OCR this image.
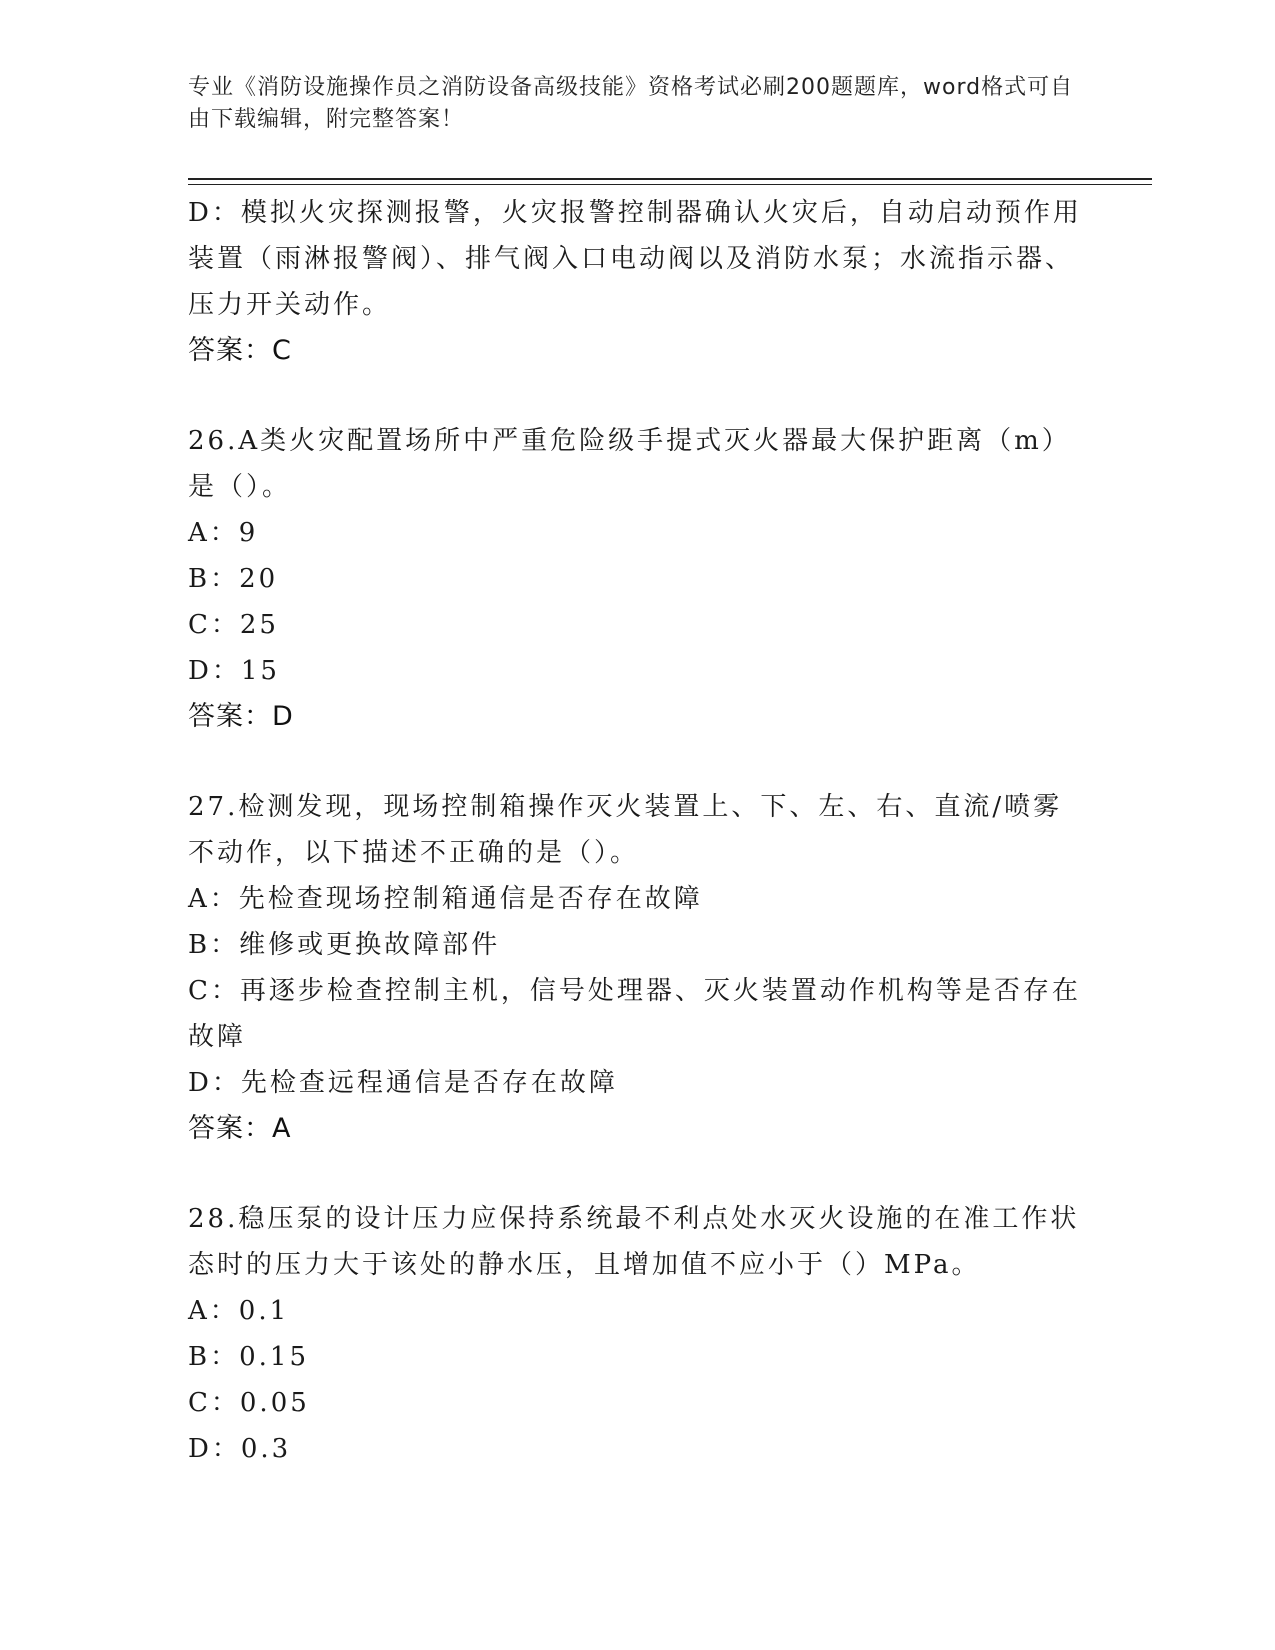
专业《消防设施操作员之消防设备高级技能》资格考试必刷200题题库，word格式可自由下载编辑，附完整答案！
D：模拟火灾探测报警，火灾报警控制器确认火灾后，自动启动预作用装置（雨淋报警阀）、排气阀入口电动阀以及消防水泵；水流指示器、压力开关动作。
答案：C
26.A类火灾配置场所中严重危险级手提式灭火器最大保护距离（m）是（）。
A：9
B：20
C：25
D：15
答案：D
27.检测发现，现场控制箱操作灭火装置上、下、左、右、直流/喷雾不动作，以下描述不正确的是（）。
A：先检查现场控制箱通信是否存在故障
B：维修或更换故障部件
C：再逐步检查控制主机，信号处理器、灭火装置动作机构等是否存在故障
D：先检查远程通信是否存在故障
答案：A
28.稳压泵的设计压力应保持系统最不利点处水灭火设施的在准工作状态时的压力大于该处的静水压，且增加值不应小于（）MPa。
A：0.1
B：0.15
C：0.05
D：0.3
